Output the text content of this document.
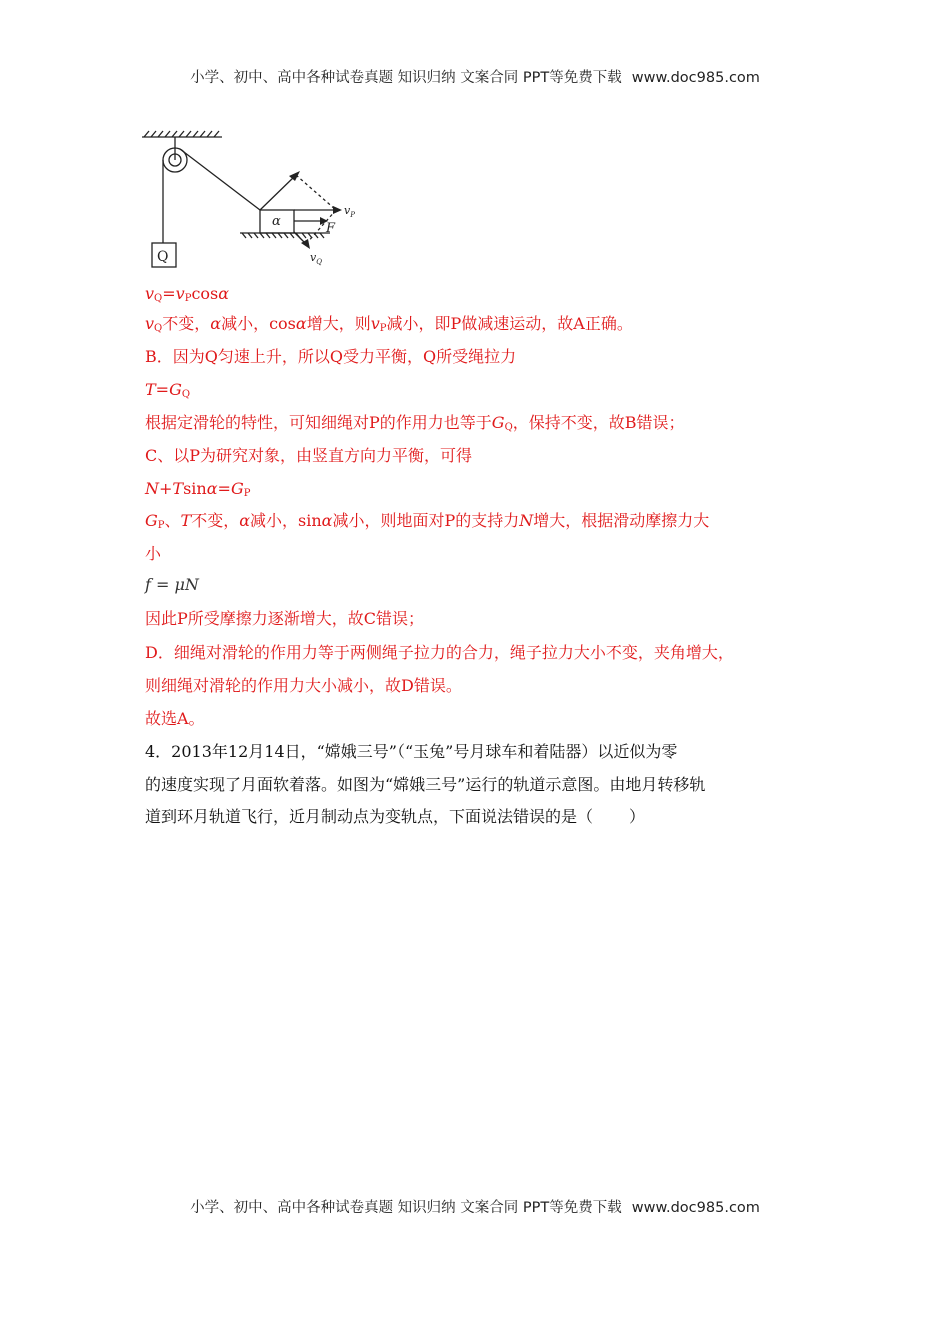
小学、初中、高中各种试卷真题 知识归纳 文案合同 PPT等免费下载 www.doc985.com
Q
α
$v_P$
F
$v_Q$
$v_Q=v_P\cos\alpha$
$v_Q$不变，α减小，cosα增大，则$v_P$减小，即P做减速运动，故A正确。
B．因为Q匀速上升，所以Q受力平衡，Q所受绳拉力
$T=G_Q$
根据定滑轮的特性，可知细绳对P的作用力也等于$G_Q$，保持不变，故B错误；
C、以P为研究对象，由竖直方向力平衡，可得
$N+Tsin\alpha=G_P$
$G_P$、T不变，α减小，sinα减小，则地面对P的支持力N增大，根据滑动摩擦力大
小
f = μN
因此P所受摩擦力逐渐增大，故C错误；
D．细绳对滑轮的作用力等于两侧绳子拉力的合力，绳子拉力大小不变，夹角增大，
则细绳对滑轮的作用力大小减小，故D错误。
故选A。
4．2013年12月14日，“嫦娥三号”（“玉兔”号月球车和着陆器）以近似为零
的速度实现了月面软着落。如图为“嫦娥三号”运行的轨道示意图。由地月转移轨
道到环月轨道飞行，近月制动点为变轨点，下面说法错误的是（ ）
小学、初中、高中各种试卷真题 知识归纳 文案合同 PPT等免费下载 www.doc985.com
